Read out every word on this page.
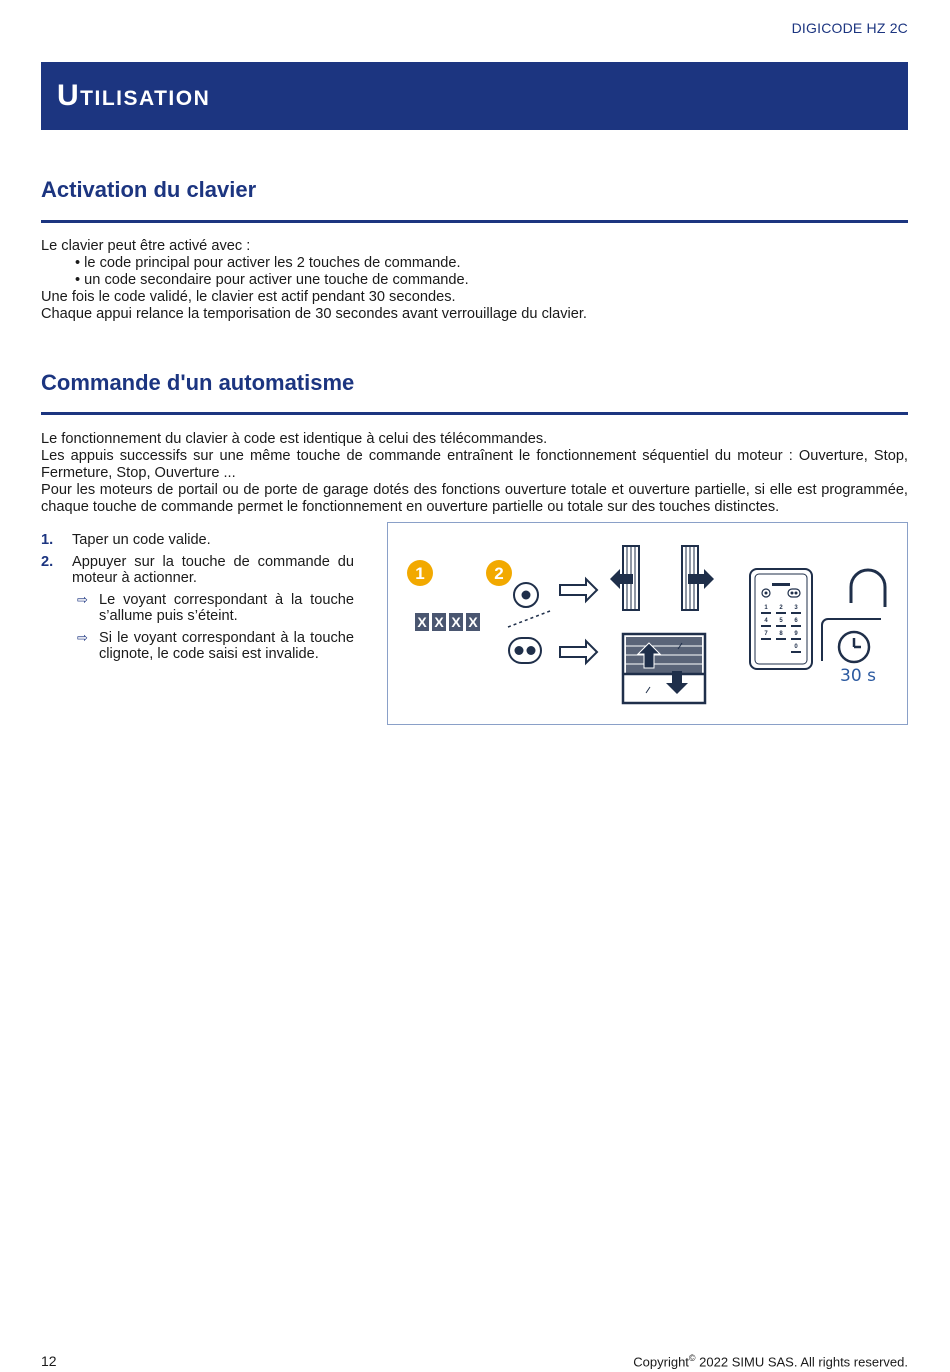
DIGICODE HZ 2C
Utilisation
Activation du clavier
Le clavier peut être activé avec :
• le code principal pour activer les 2 touches de commande.
• un code secondaire pour activer une touche de commande.
Une fois le code validé, le clavier est actif pendant 30 secondes.
Chaque appui relance la temporisation de 30 secondes avant verrouillage du clavier.
Commande d'un automatisme
Le fonctionnement du clavier à code est identique à celui des télécommandes.
Les appuis successifs sur une même touche de commande entraînent le fonctionnement séquentiel du moteur : Ouverture, Stop, Fermeture, Stop, Ouverture ...
Pour les moteurs de portail ou de porte de garage dotés des fonctions ouverture totale et ouverture partielle, si elle est programmée, chaque touche de commande permet le fonctionnement en ouverture partielle ou totale sur des touches distinctes.
1. Taper un code valide.
2. Appuyer sur la touche de commande du moteur à actionner.
⇨ Le voyant correspondant à la touche s’allume puis s’éteint.
⇨ Si le voyant correspondant à la touche clignote, le code saisi est invalide.
1	2
X X X X
1 2 3
4 5 6
7 8 9
0
30 s
12	Copyright© 2022 SIMU SAS. All rights reserved.
